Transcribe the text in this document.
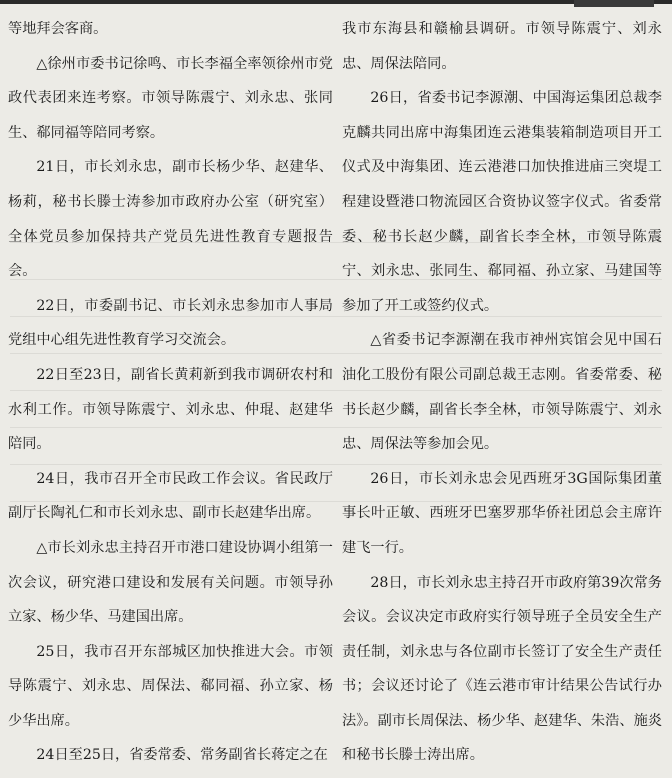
等地拜会客商。

△徐州市委书记徐鸣、市长李福全率领徐州市党政代表团来连考察。市领导陈震宁、刘永忠、张同生、郗同福等陪同考察。

21日，市长刘永忠，副市长杨少华、赵建华、杨莉，秘书长滕士涛参加市政府办公室（研究室）全体党员参加保持共产党员先进性教育专题报告会。

22日，市委副书记、市长刘永忠参加市人事局党组中心组先进性教育学习交流会。

22日至23日，副省长黄莉新到我市调研农村和水利工作。市领导陈震宁、刘永忠、仲琨、赵建华陪同。

24日，我市召开全市民政工作会议。省民政厅副厅长陶礼仁和市长刘永忠、副市长赵建华出席。

△市长刘永忠主持召开市港口建设协调小组第一次会议，研究港口建设和发展有关问题。市领导孙立家、杨少华、马建国出席。

25日，我市召开东部城区加快推进大会。市领导陈震宁、刘永忠、周保法、郗同福、孙立家、杨少华出席。

24日至25日，省委常委、常务副省长蒋定之在

我市东海县和赣榆县调研。市领导陈震宁、刘永忠、周保法陪同。

26日，省委书记李源潮、中国海运集团总裁李克麟共同出席中海集团连云港集装箱制造项目开工仪式及中海集团、连云港港口加快推进庙三突堤工程建设暨港口物流园区合资协议签字仪式。省委常委、秘书长赵少麟，副省长李全林，市领导陈震宁、刘永忠、张同生、郗同福、孙立家、马建国等参加了开工或签约仪式。

△省委书记李源潮在我市神州宾馆会见中国石油化工股份有限公司副总裁王志刚。省委常委、秘书长赵少麟，副省长李全林，市领导陈震宁、刘永忠、周保法等参加会见。

26日，市长刘永忠会见西班牙3G国际集团董事长叶正敏、西班牙巴塞罗那华侨社团总会主席许建飞一行。

28日，市长刘永忠主持召开市政府第39次常务会议。会议决定市政府实行领导班子全员安全生产责任制，刘永忠与各位副市长签订了安全生产责任书；会议还讨论了《连云港市审计结果公告试行办法》。副市长周保法、杨少华、赵建华、朱浩、施炎和秘书长滕士涛出席。
